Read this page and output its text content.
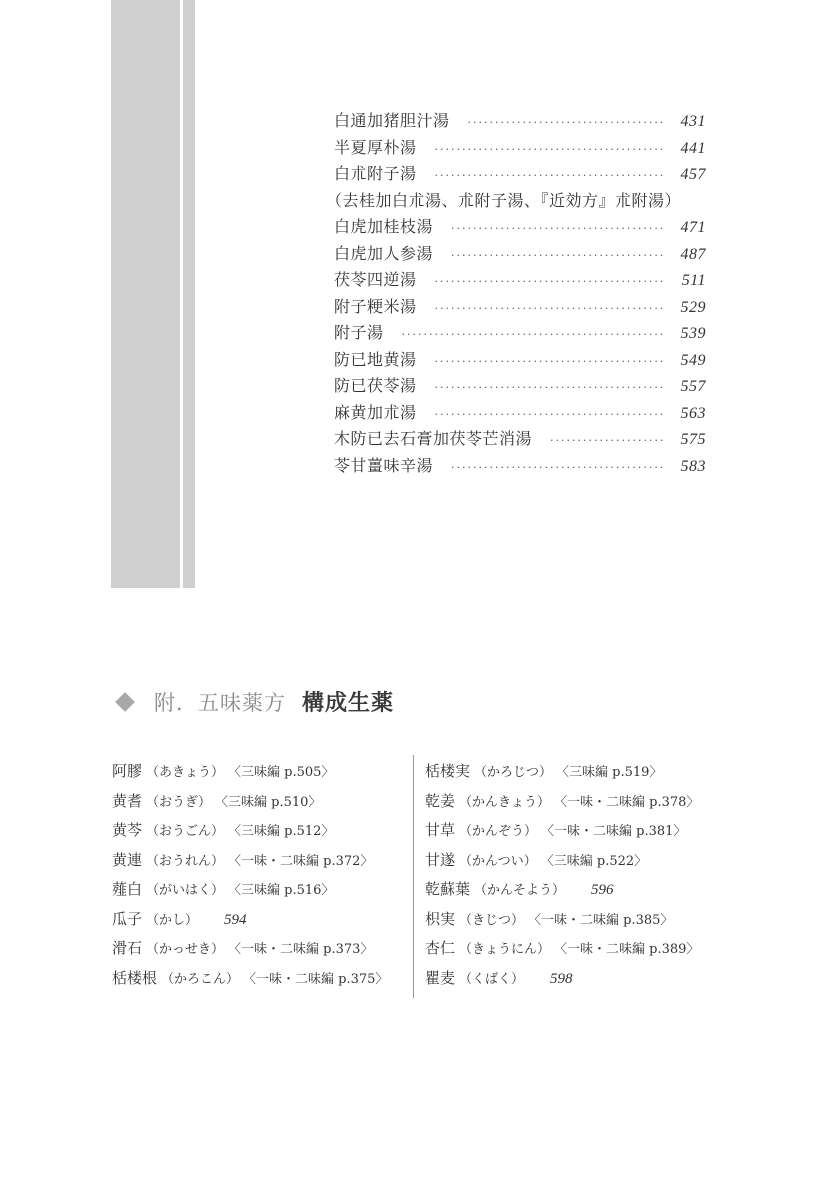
白通加猪胆汁湯 ·····	431
半夏厚朴湯 ·····	441
白朮附子湯 ·····	457
（去桂加白朮湯、朮附子湯、『近効方』朮附湯）
白虎加桂枝湯 ·····	471
白虎加人参湯 ·····	487
茯苓四逆湯 ·····	511
附子粳米湯 ·····	529
附子湯 ·····	539
防已地黄湯 ·····	549
防已茯苓湯 ·····	557
麻黄加朮湯 ·····	563
木防已去石膏加茯苓芒消湯 ·····	575
苓甘薑味辛湯 ·····	583
附．五味薬方 構成生薬
阿膠 （あきょう） 〈三味編 p.505〉
黄耆 （おうぎ） 〈三味編 p.510〉
黄芩 （おうごん） 〈三味編 p.512〉
黄連 （おうれん） 〈一味・二味編 p.372〉
薤白 （がいはく） 〈三味編 p.516〉
瓜子 （かし） 594
滑石 （かっせき） 〈一味・二味編 p.373〉
栝楼根 （かろこん） 〈一味・二味編 p.375〉
栝楼実 （かろじつ） 〈三味編 p.519〉
乾姜 （かんきょう） 〈一味・二味編 p.378〉
甘草 （かんぞう） 〈一味・二味編 p.381〉
甘遂 （かんつい） 〈三味編 p.522〉
乾蘇葉 （かんそよう） 596
枳実 （きじつ） 〈一味・二味編 p.385〉
杏仁 （きょうにん） 〈一味・二味編 p.389〉
瞿麦 （くばく） 598
